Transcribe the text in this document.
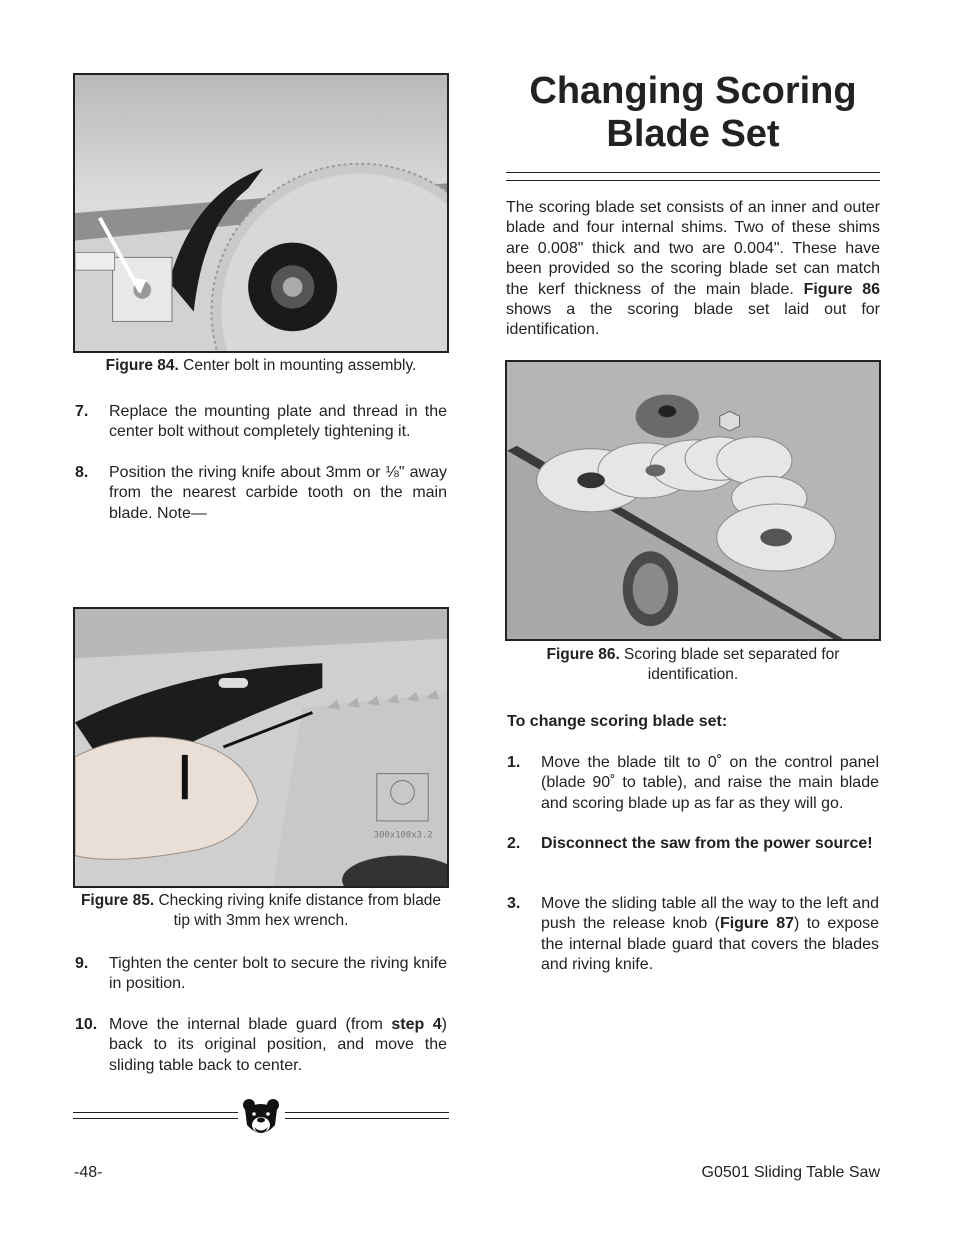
Figure 84. Center bolt in mounting assembly.
7. Replace the mounting plate and thread in the center bolt without completely tightening it.
8. Position the riving knife about 3mm or ⅛" away from the nearest carbide tooth on the main blade. Note—
300x100x3.2
Figure 85. Checking riving knife distance from blade tip with 3mm hex wrench.
9. Tighten the center bolt to secure the riving knife in position.
10. Move the internal blade guard (from step 4) back to its original position, and move the sliding table back to center.
Changing Scoring
Blade Set
The scoring blade set consists of an inner and outer blade and four internal shims. Two of these shims are 0.008" thick and two are 0.004". These have been provided so the scoring blade set can match the kerf thickness of the main blade. Figure 86 shows a the scoring blade set laid out for identification.
Figure 86. Scoring blade set separated for identification.
To change scoring blade set:
1. Move the blade tilt to 0˚ on the control panel (blade 90˚ to table), and raise the main blade and scoring blade up as far as they will go.
2. Disconnect the saw from the power source!
3. Move the sliding table all the way to the left and push the release knob (Figure 87) to expose the internal blade guard that covers the blades and riving knife.
-48-	G0501 Sliding Table Saw
